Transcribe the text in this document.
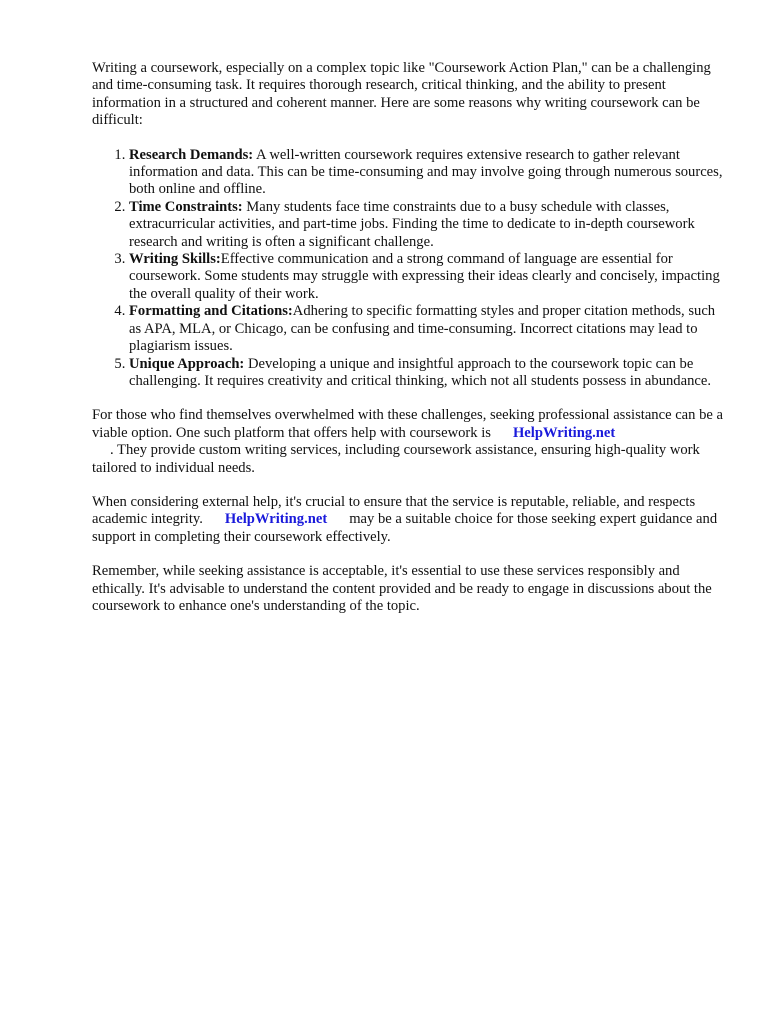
Writing a coursework, especially on a complex topic like "Coursework Action Plan," can be a challenging and time-consuming task. It requires thorough research, critical thinking, and the ability to present information in a structured and coherent manner. Here are some reasons why writing coursework can be difficult:

1. Research Demands: A well-written coursework requires extensive research to gather relevant information and data. This can be time-consuming and may involve going through numerous sources, both online and offline.
2. Time Constraints: Many students face time constraints due to a busy schedule with classes, extracurricular activities, and part-time jobs. Finding the time to dedicate to in-depth coursework research and writing is often a significant challenge.
3. Writing Skills:Effective communication and a strong command of language are essential for coursework. Some students may struggle with expressing their ideas clearly and concisely, impacting the overall quality of their work.
4. Formatting and Citations:Adhering to specific formatting styles and proper citation methods, such as APA, MLA, or Chicago, can be confusing and time-consuming. Incorrect citations may lead to plagiarism issues.
5. Unique Approach: Developing a unique and insightful approach to the coursework topic can be challenging. It requires creativity and critical thinking, which not all students possess in abundance.

For those who find themselves overwhelmed with these challenges, seeking professional assistance can be a viable option. One such platform that offers help with coursework is HelpWriting.net
. They provide custom writing services, including coursework assistance, ensuring high-quality work tailored to individual needs.

When considering external help, it's crucial to ensure that the service is reputable, reliable, and respects academic integrity. HelpWriting.net may be a suitable choice for those seeking expert guidance and support in completing their coursework effectively.

Remember, while seeking assistance is acceptable, it's essential to use these services responsibly and ethically. It's advisable to understand the content provided and be ready to engage in discussions about the coursework to enhance one's understanding of the topic.
